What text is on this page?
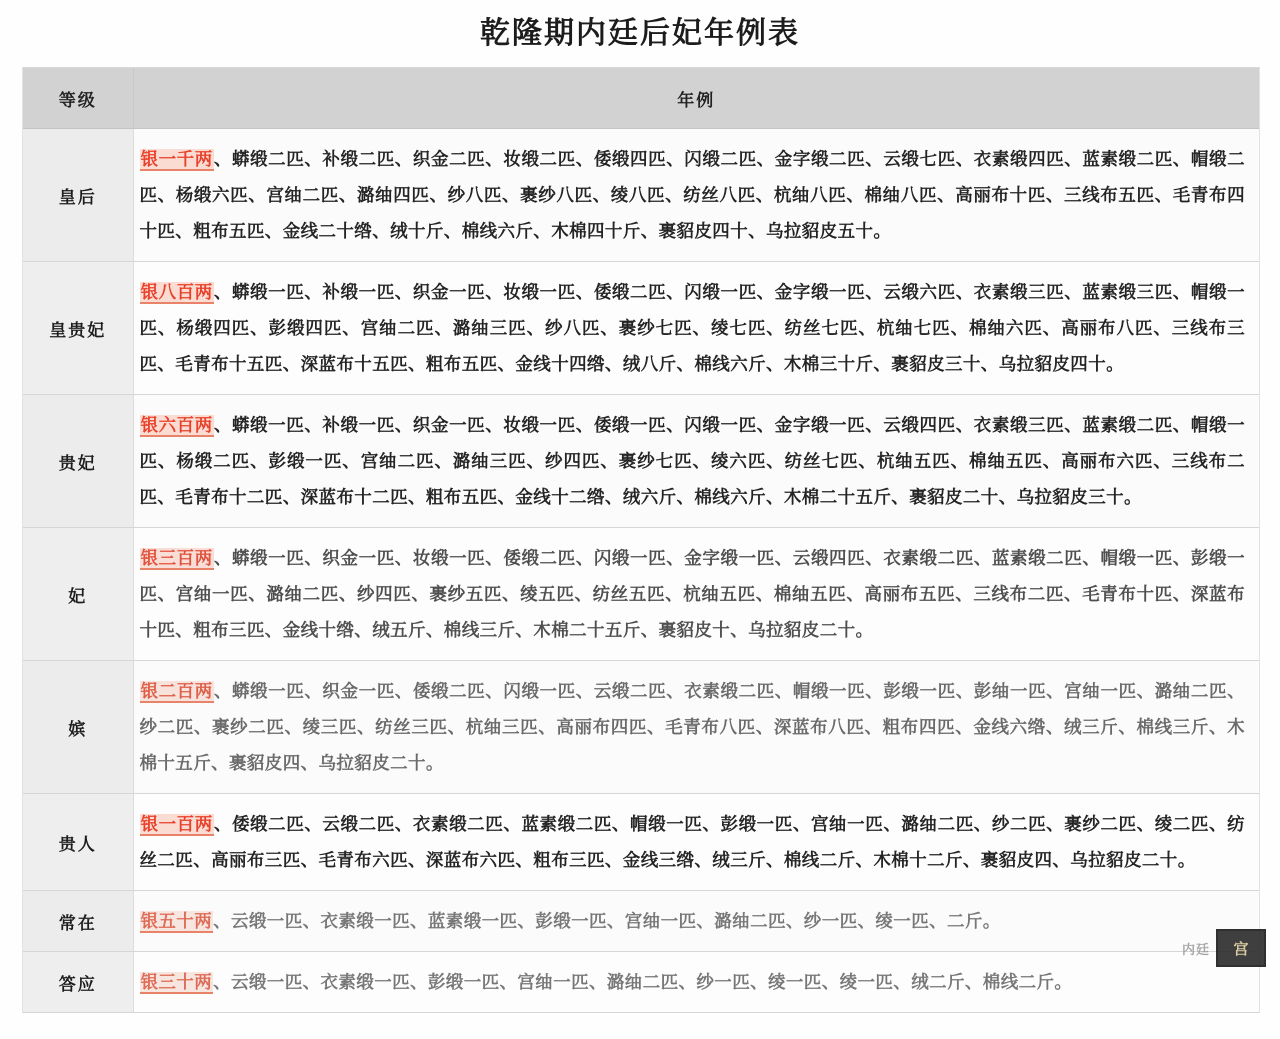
乾隆期内廷后妃年例表
等级	年例
皇后	银一千两、蟒缎二匹、补缎二匹、织金二匹、妆缎二匹、倭缎四匹、闪缎二匹、金字缎二匹、云缎七匹、衣素缎四匹、蓝素缎二匹、帽缎二匹、杨缎六匹、宫䌷二匹、潞䌷四匹、纱八匹、裹纱八匹、绫八匹、纺丝八匹、杭䌷八匹、棉䌷八匹、高丽布十匹、三线布五匹、毛青布四十匹、粗布五匹、金线二十绺、绒十斤、棉线六斤、木棉四十斤、裹貂皮四十、乌拉貂皮五十。
皇贵妃	银八百两、蟒缎一匹、补缎一匹、织金一匹、妆缎一匹、倭缎二匹、闪缎一匹、金字缎一匹、云缎六匹、衣素缎三匹、蓝素缎三匹、帽缎一匹、杨缎四匹、彭缎四匹、宫䌷二匹、潞䌷三匹、纱八匹、裹纱七匹、绫七匹、纺丝七匹、杭䌷七匹、棉䌷六匹、高丽布八匹、三线布三匹、毛青布十五匹、深蓝布十五匹、粗布五匹、金线十四绺、绒八斤、棉线六斤、木棉三十斤、裹貂皮三十、乌拉貂皮四十。
贵妃	银六百两、蟒缎一匹、补缎一匹、织金一匹、妆缎一匹、倭缎一匹、闪缎一匹、金字缎一匹、云缎四匹、衣素缎三匹、蓝素缎二匹、帽缎一匹、杨缎二匹、彭缎一匹、宫䌷二匹、潞䌷三匹、纱四匹、裹纱七匹、绫六匹、纺丝七匹、杭䌷五匹、棉䌷五匹、高丽布六匹、三线布二匹、毛青布十二匹、深蓝布十二匹、粗布五匹、金线十二绺、绒六斤、棉线六斤、木棉二十五斤、裹貂皮二十、乌拉貂皮三十。
妃	银三百两、蟒缎一匹、织金一匹、妆缎一匹、倭缎二匹、闪缎一匹、金字缎一匹、云缎四匹、衣素缎二匹、蓝素缎二匹、帽缎一匹、彭缎一匹、宫䌷一匹、潞䌷二匹、纱四匹、裹纱五匹、绫五匹、纺丝五匹、杭䌷五匹、棉䌷五匹、高丽布五匹、三线布二匹、毛青布十匹、深蓝布十匹、粗布三匹、金线十绺、绒五斤、棉线三斤、木棉二十五斤、裹貂皮十、乌拉貂皮二十。
嫔	银二百两、蟒缎一匹、织金一匹、倭缎二匹、闪缎一匹、云缎二匹、衣素缎二匹、帽缎一匹、彭缎一匹、彭䌷一匹、宫䌷一匹、潞䌷二匹、纱二匹、裹纱二匹、绫三匹、纺丝三匹、杭䌷三匹、高丽布四匹、毛青布八匹、深蓝布八匹、粗布四匹、金线六绺、绒三斤、棉线三斤、木棉十五斤、裹貂皮四、乌拉貂皮二十。
贵人	银一百两、倭缎二匹、云缎二匹、衣素缎二匹、蓝素缎二匹、帽缎一匹、彭缎一匹、宫䌷一匹、潞䌷二匹、纱二匹、裹纱二匹、绫二匹、纺丝二匹、高丽布三匹、毛青布六匹、深蓝布六匹、粗布三匹、金线三绺、绒三斤、棉线二斤、木棉十二斤、裹貂皮四、乌拉貂皮二十。
常在	银五十两、云缎一匹、衣素缎一匹、蓝素缎一匹、彭缎一匹、宫䌷一匹、潞䌷二匹、纱一匹、绫一匹、二斤。
答应	银三十两、云缎一匹、衣素缎一匹、彭缎一匹、宫䌷一匹、潞䌷二匹、纱一匹、绫一匹、绫一匹、绒二斤、棉线二斤。
内廷	宫
